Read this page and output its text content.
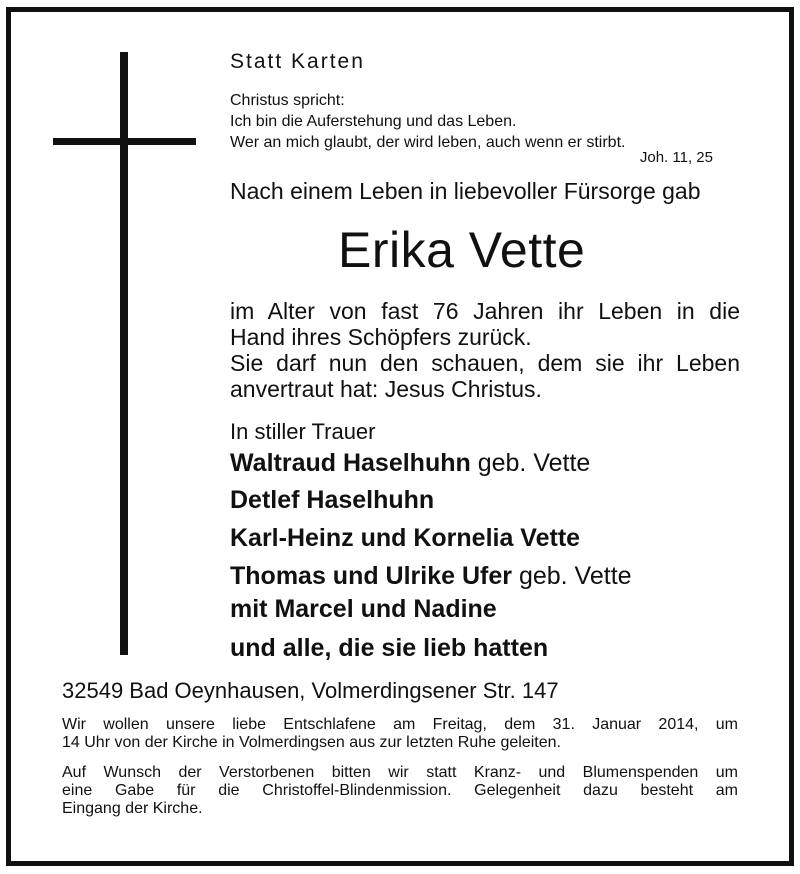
Statt Karten
Christus spricht:
Ich bin die Auferstehung und das Leben.
Wer an mich glaubt, der wird leben, auch wenn er stirbt.
Joh. 11, 25
Nach einem Leben in liebevoller Fürsorge gab
Erika Vette
im Alter von fast 76 Jahren ihr Leben in die
Hand ihres Schöpfers zurück.
Sie darf nun den schauen, dem sie ihr Leben
anvertraut hat: Jesus Christus.
In stiller Trauer
Waltraud Haselhuhn geb. Vette
Detlef Haselhuhn
Karl-Heinz und Kornelia Vette
Thomas und Ulrike Ufer geb. Vette
mit Marcel und Nadine
und alle, die sie lieb hatten
32549 Bad Oeynhausen, Volmerdingsener Str. 147
Wir wollen unsere liebe Entschlafene am Freitag, dem 31. Januar 2014, um
14 Uhr von der Kirche in Volmerdingsen aus zur letzten Ruhe geleiten.
Auf Wunsch der Verstorbenen bitten wir statt Kranz- und Blumenspenden um
eine Gabe für die Christoffel-Blindenmission. Gelegenheit dazu besteht am
Eingang der Kirche.
